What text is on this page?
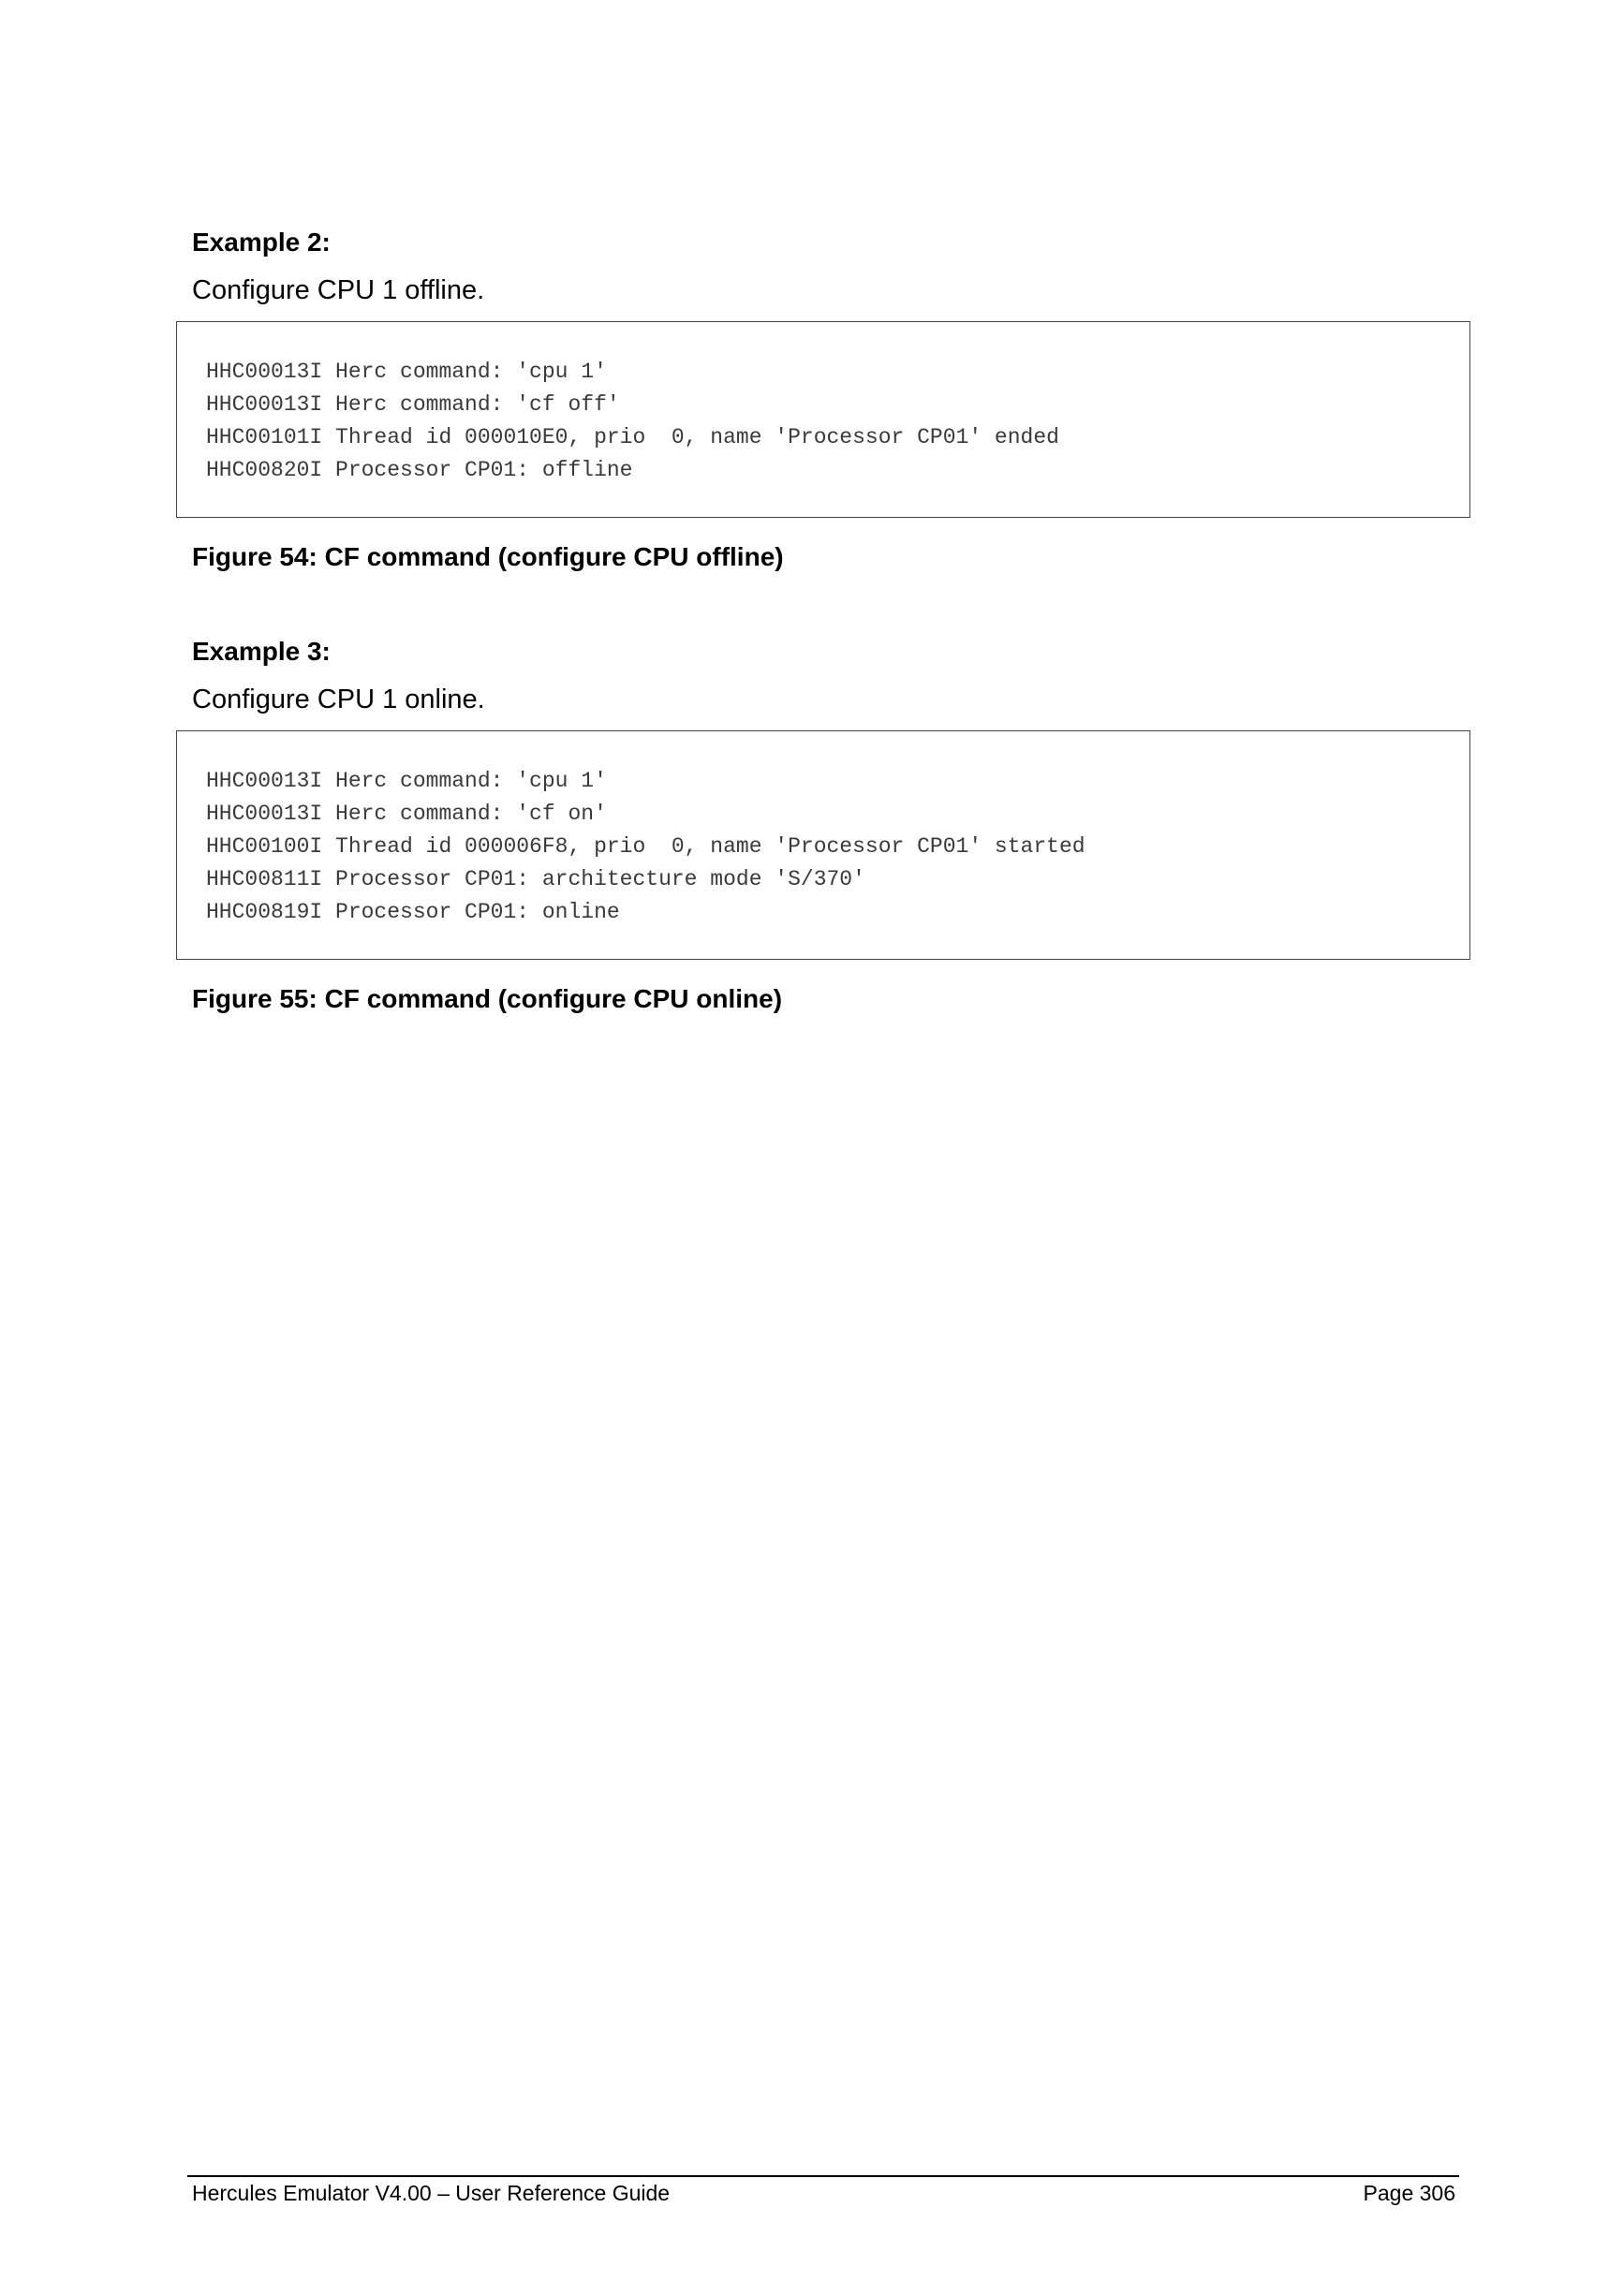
Example 2:

Configure CPU 1 offline.

HHC00013I Herc command: 'cpu 1'
HHC00013I Herc command: 'cf off'
HHC00101I Thread id 000010E0, prio  0, name 'Processor CP01' ended
HHC00820I Processor CP01: offline

Figure 54: CF command (configure CPU offline)

Example 3:

Configure CPU 1 online.

HHC00013I Herc command: 'cpu 1'
HHC00013I Herc command: 'cf on'
HHC00100I Thread id 000006F8, prio  0, name 'Processor CP01' started
HHC00811I Processor CP01: architecture mode 'S/370'
HHC00819I Processor CP01: online

Figure 55: CF command (configure CPU online)

Hercules Emulator V4.00 – User Reference Guide	Page 306
